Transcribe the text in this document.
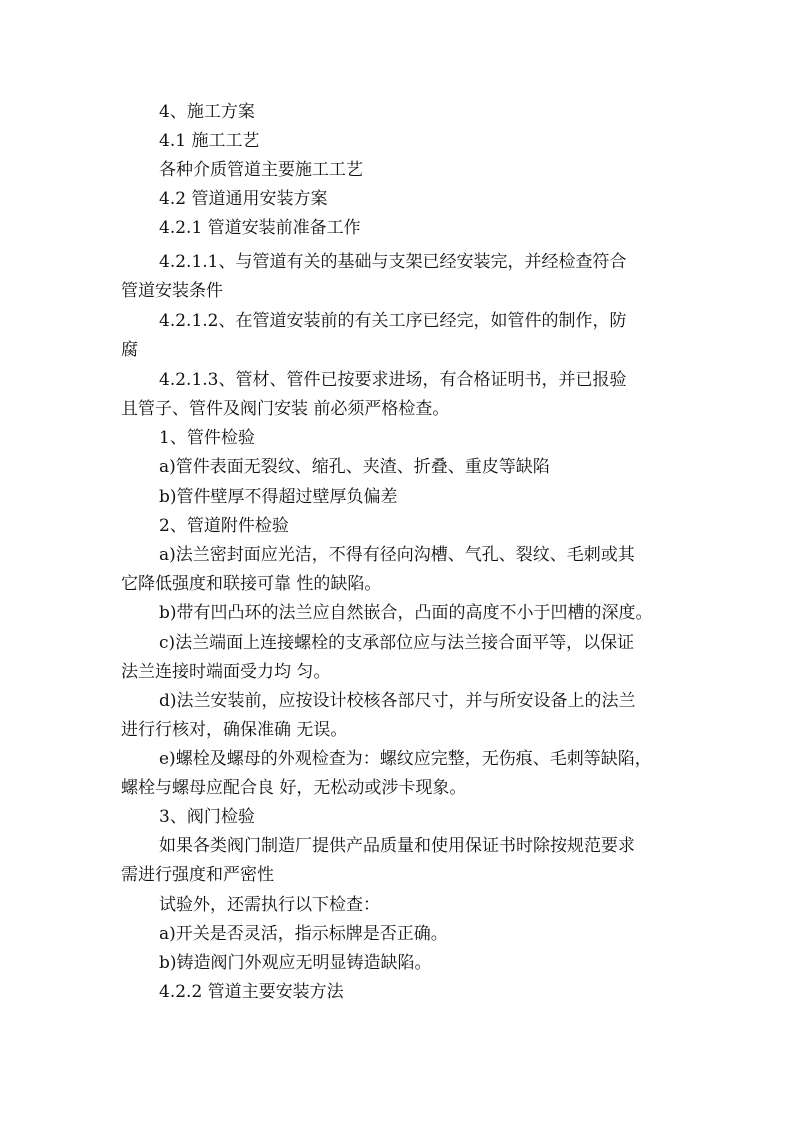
4、施工方案
4.1 施工工艺
各种介质管道主要施工工艺
4.2 管道通用安装方案
4.2.1 管道安装前准备工作
4.2.1.1、与管道有关的基础与支架已经安装完，并经检查符合
管道安装条件
4.2.1.2、在管道安装前的有关工序已经完，如管件的制作，防
腐
4.2.1.3、管材、管件已按要求进场，有合格证明书，并已报验
且管子、管件及阀门安装 前必须严格检查。
1、管件检验
a)管件表面无裂纹、缩孔、夹渣、折叠、重皮等缺陷
b)管件壁厚不得超过壁厚负偏差
2、管道附件检验
a)法兰密封面应光洁，不得有径向沟槽、气孔、裂纹、毛刺或其
它降低强度和联接可靠 性的缺陷。
b)带有凹凸环的法兰应自然嵌合，凸面的高度不小于凹槽的深度。
c)法兰端面上连接螺栓的支承部位应与法兰接合面平等，以保证
法兰连接时端面受力均 匀。
d)法兰安装前，应按设计校核各部尺寸，并与所安设备上的法兰
进行行核对，确保准确 无误。
e)螺栓及螺母的外观检查为：螺纹应完整，无伤痕、毛刺等缺陷，
螺栓与螺母应配合良 好，无松动或涉卡现象。
3、阀门检验
如果各类阀门制造厂提供产品质量和使用保证书时除按规范要求
需进行强度和严密性
试验外，还需执行以下检查：
a)开关是否灵活，指示标牌是否正确。
b)铸造阀门外观应无明显铸造缺陷。
4.2.2 管道主要安装方法
